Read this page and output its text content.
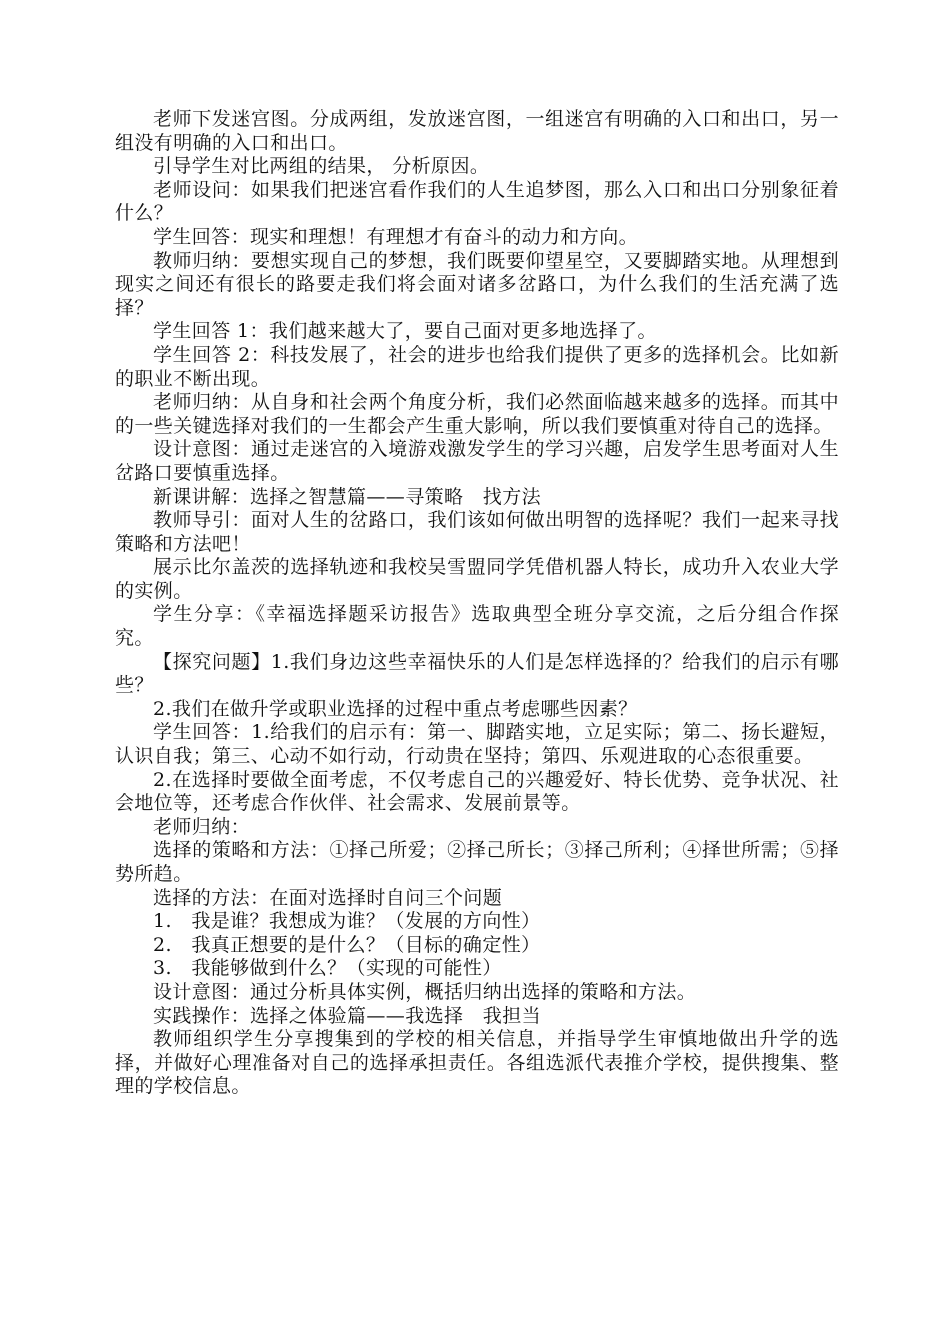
老师下发迷宫图。分成两组，发放迷宫图，一组迷宫有明确的入口和出口，另一组没有明确的入口和出口。

引导学生对比两组的结果， 分析原因。

老师设问：如果我们把迷宫看作我们的人生追梦图，那么入口和出口分别象征着什么？

学生回答：现实和理想！有理想才有奋斗的动力和方向。

教师归纳：要想实现自己的梦想，我们既要仰望星空，又要脚踏实地。从理想到现实之间还有很长的路要走我们将会面对诸多岔路口，为什么我们的生活充满了选择？

学生回答 1：我们越来越大了，要自己面对更多地选择了。

学生回答 2：科技发展了，社会的进步也给我们提供了更多的选择机会。比如新的职业不断出现。

老师归纳：从自身和社会两个角度分析，我们必然面临越来越多的选择。而其中的一些关键选择对我们的一生都会产生重大影响，所以我们要慎重对待自己的选择。

设计意图：通过走迷宫的入境游戏激发学生的学习兴趣，启发学生思考面对人生岔路口要慎重选择。

新课讲解：选择之智慧篇——寻策略　找方法

教师导引：面对人生的岔路口，我们该如何做出明智的选择呢？我们一起来寻找策略和方法吧！

展示比尔盖茨的选择轨迹和我校吴雪盟同学凭借机器人特长，成功升入农业大学的实例。

学生分享：《幸福选择题采访报告》选取典型全班分享交流，之后分组合作探究。

【探究问题】1.我们身边这些幸福快乐的人们是怎样选择的？给我们的启示有哪些？

2.我们在做升学或职业选择的过程中重点考虑哪些因素？

学生回答：1.给我们的启示有：第一、脚踏实地，立足实际；第二、扬长避短，认识自我；第三、心动不如行动，行动贵在坚持；第四、乐观进取的心态很重要。

2.在选择时要做全面考虑，不仅考虑自己的兴趣爱好、特长优势、竞争状况、社会地位等，还考虑合作伙伴、社会需求、发展前景等。

老师归纳：

选择的策略和方法：①择己所爱；②择己所长；③择己所利；④择世所需；⑤择势所趋。

选择的方法：在面对选择时自问三个问题

1.　我是谁？我想成为谁？（发展的方向性）

2.　我真正想要的是什么？（目标的确定性）

3.　我能够做到什么？（实现的可能性）

设计意图：通过分析具体实例，概括归纳出选择的策略和方法。

实践操作：选择之体验篇——我选择　我担当

教师组织学生分享搜集到的学校的相关信息，并指导学生审慎地做出升学的选择，并做好心理准备对自己的选择承担责任。各组选派代表推介学校，提供搜集、整理的学校信息。
